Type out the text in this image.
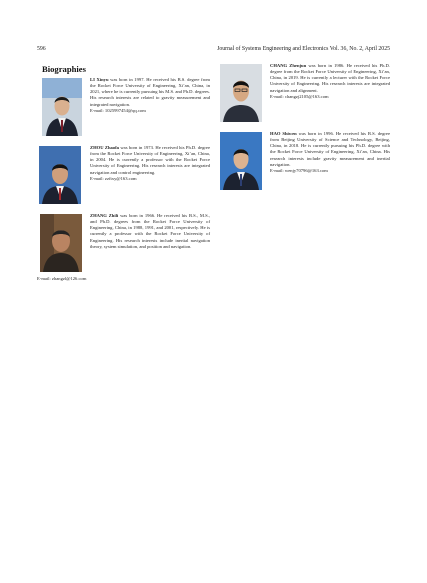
596	Journal of Systems Engineering and Electronics Vol. 36, No. 2, April 2025
Biographies
LI Xinyu was born in 1997. He received his B.S. degree from the Rocket Force University of Engineering, Xi’an, China, in 2021, where he is currently pursuing his M.S. and Ph.D. degrees. His research interests are related to gravity measurement and integrated navigation.
E-mail: 1025997454@qq.com
ZHOU Zhaofa was born in 1973. He received his Ph.D. degree from the Rocket Force University of Engineering, Xi’an, China, in 2004. He is currently a professor with the Rocket Force University of Engineering. His research interests are integrated navigation and control engineering.
E-mail: zzftxy@163.com
ZHANG Zhili was born in 1966. He received his B.S., M.S., and Ph.D. degrees from the Rocket Force University of Engineering, China, in 1988, 1991, and 2001, respectively. He is currently a professor with the Rocket Force University of Engineering. His research interests include inertial navigation theory, system simulation, and position and navigation.
E-mail: zhangzl@126.com
CHANG Zhenjun was born in 1986. He received his Ph.D. degree from the Rocket Force University of Engineering, Xi’an, China, in 2019. He is currently a lecturer with the Rocket Force University of Engineering. His research interests are integrated navigation and alignment.
E-mail: changzj2105@163.com
HAO Shiwen was born in 1996. He received his B.S. degree from Beijing University of Science and Technology, Beijing, China, in 2018. He is currently pursuing his Ph.D. degree with the Rocket Force University of Engineering, Xi’an, China. His research interests include gravity measurement and inertial navigation.
E-mail: wenjy70796@163.com
